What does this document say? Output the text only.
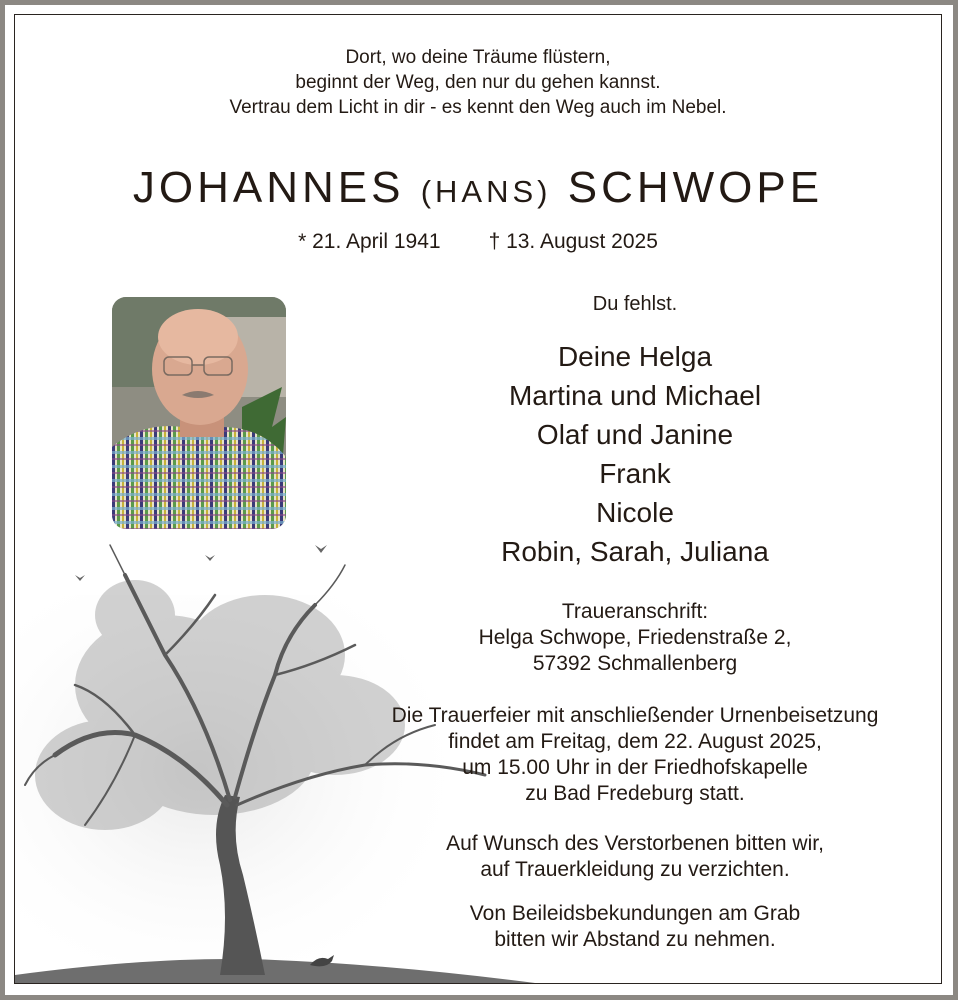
Dort, wo deine Träume flüstern,
beginnt der Weg, den nur du gehen kannst.
Vertrau dem Licht in dir - es kennt den Weg auch im Nebel.
JOHANNES (HANS) SCHWOPE
* 21. April 1941 † 13. August 2025
Du fehlst.
Deine Helga
Martina und Michael
Olaf und Janine
Frank
Nicole
Robin, Sarah, Juliana
Traueranschrift:
Helga Schwope, Friedenstraße 2,
57392 Schmallenberg
Die Trauerfeier mit anschließender Urnenbeisetzung
findet am Freitag, dem 22. August 2025,
um 15.00 Uhr in der Friedhofskapelle
zu Bad Fredeburg statt.
Auf Wunsch des Verstorbenen bitten wir,
auf Trauerkleidung zu verzichten.
Von Beileidsbekundungen am Grab
bitten wir Abstand zu nehmen.
